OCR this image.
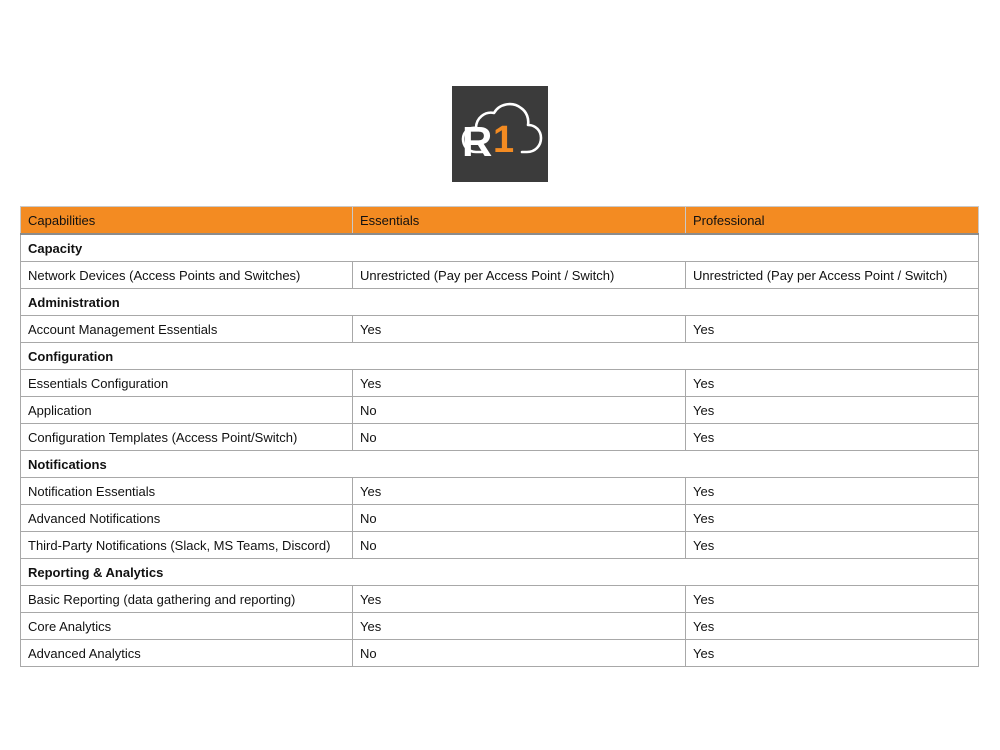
R 1
Capabilities	Essentials	Professional
Capacity		
Network Devices (Access Points and Switches)	Unrestricted (Pay per Access Point / Switch)	Unrestricted (Pay per Access Point / Switch)
Administration		
Account Management Essentials	Yes	Yes
Configuration		
Essentials Configuration	Yes	Yes
Application	No	Yes
Configuration Templates (Access Point/Switch)	No	Yes
Notifications		
Notification Essentials	Yes	Yes
Advanced Notifications	No	Yes
Third-Party Notifications (Slack, MS Teams, Discord)	No	Yes
Reporting & Analytics		
Basic Reporting (data gathering and reporting)	Yes	Yes
Core Analytics	Yes	Yes
Advanced Analytics	No	Yes
